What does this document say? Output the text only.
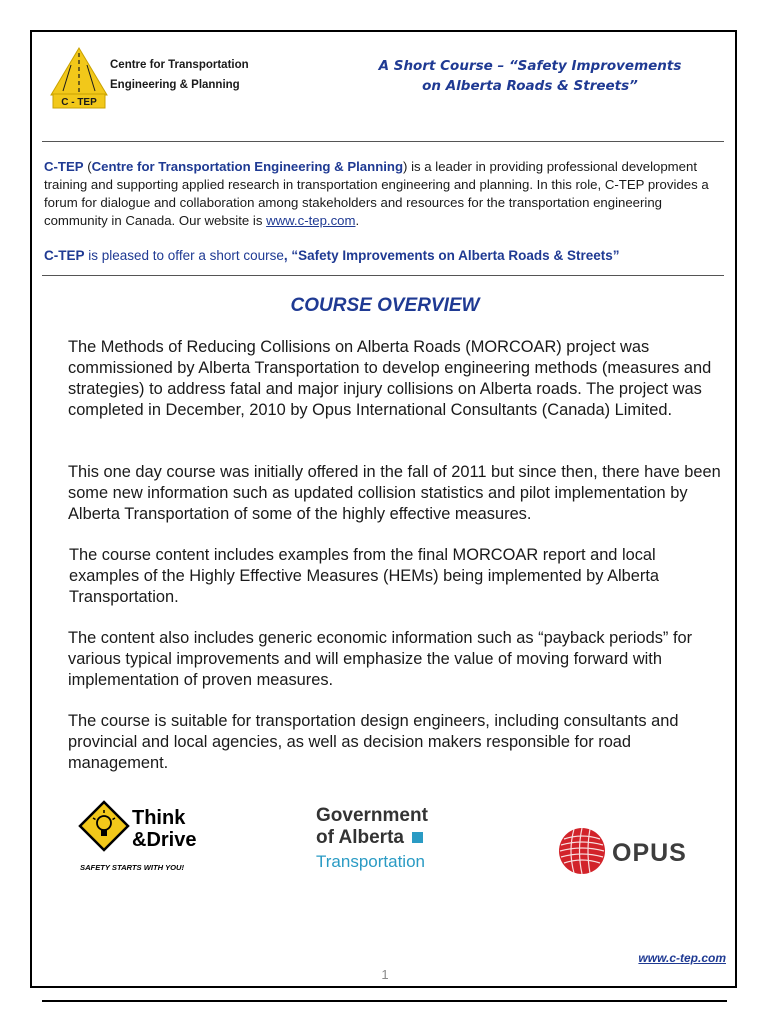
C - TEP
Centre for Transportation
Engineering & Planning
A Short Course – “Safety Improvements
on Alberta Roads & Streets”
C-TEP (Centre for Transportation Engineering & Planning) is a leader in providing professional development training and supporting applied research in transportation engineering and planning. In this role, C-TEP provides a forum for dialogue and collaboration among stakeholders and resources for the transportation engineering community in Canada. Our website is www.c-tep.com.
C-TEP is pleased to offer a short course, “Safety Improvements on Alberta Roads & Streets”
COURSE OVERVIEW
The Methods of Reducing Collisions on Alberta Roads (MORCOAR) project was commissioned by Alberta Transportation to develop engineering methods (measures and strategies) to address fatal and major injury collisions on Alberta roads. The project was completed in December, 2010 by Opus International Consultants (Canada) Limited.
This one day course was initially offered in the fall of 2011 but since then, there have been some new information such as updated collision statistics and pilot implementation by Alberta Transportation of some of the highly effective measures.
The course content includes examples from the final MORCOAR report and local examples of the Highly Effective Measures (HEMs) being implemented by Alberta Transportation.
The content also includes generic economic information such as “payback periods” for various typical improvements and will emphasize the value of moving forward with implementation of proven measures.
The course is suitable for transportation design engineers, including consultants and provincial and local agencies, as well as decision makers responsible for road management.
Think
&Drive
SAFETY STARTS WITH YOU!
Government
of Alberta
Transportation	OPUS
www.c-tep.com
1
